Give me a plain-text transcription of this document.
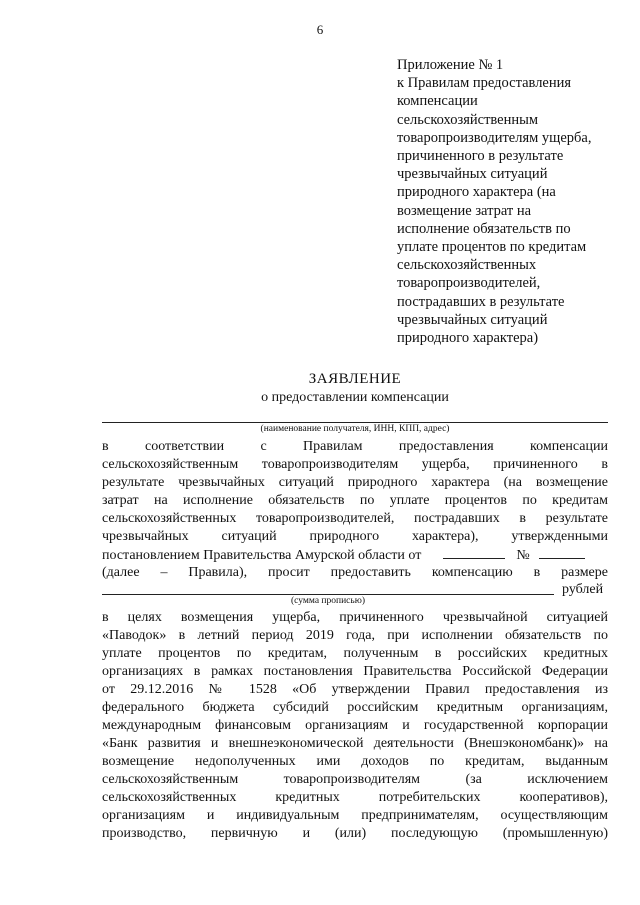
6
Приложение № 1
к Правилам предоставления
компенсации
сельскохозяйственным
товаропроизводителям ущерба,
причиненного в результате
чрезвычайных ситуаций
природного характера (на
возмещение затрат на
исполнение обязательств по
уплате процентов по кредитам
сельскохозяйственных
товаропроизводителей,
пострадавших в результате
чрезвычайных ситуаций
природного характера)
ЗАЯВЛЕНИЕ
о предоставлении компенсации
(наименование получателя, ИНН, КПП, адрес)
в соответствии с Правилам предоставления компенсации
сельскохозяйственным товаропроизводителям ущерба, причиненного в
результате чрезвычайных ситуаций природного характера (на возмещение
затрат на исполнение обязательств по уплате процентов по кредитам
сельскохозяйственных товаропроизводителей, пострадавших в результате
чрезвычайных ситуаций природного характера), утвержденными
постановлением Правительства Амурской области от	№
(далее – Правила), просит предоставить компенсацию в размере
рублей
(сумма прописью)
в целях возмещения ущерба, причиненного чрезвычайной ситуацией
«Паводок» в летний период 2019 года, при исполнении обязательств по
уплате процентов по кредитам, полученным в российских кредитных
организациях в рамках постановления Правительства Российской Федерации
от 29.12.2016 № 1528 «Об утверждении Правил предоставления из
федерального бюджета субсидий российским кредитным организациям,
международным финансовым организациям и государственной корпорации
«Банк развития и внешнеэкономической деятельности (Внешэкономбанк)» на
возмещение недополученных ими доходов по кредитам, выданным
сельскохозяйственным товаропроизводителям (за исключением
сельскохозяйственных кредитных потребительских кооперативов),
организациям и индивидуальным предпринимателям, осуществляющим
производство, первичную и (или) последующую (промышленную)
